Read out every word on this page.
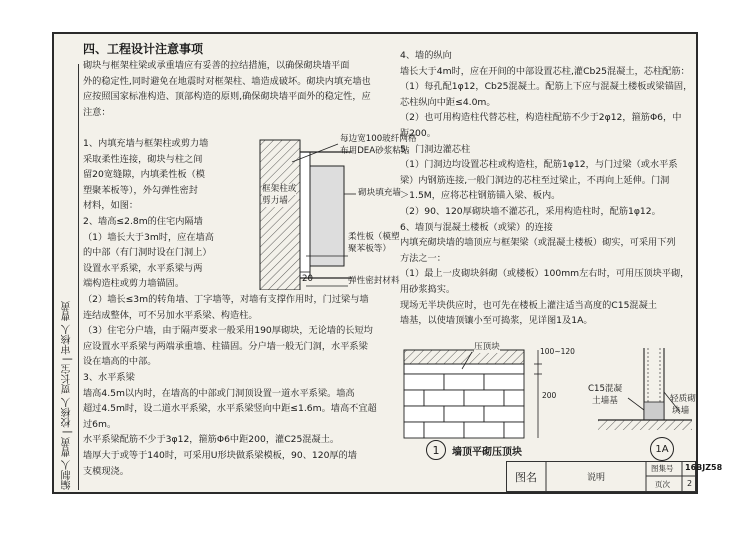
编制人 曹黄 | 校核人 贾长宝 | 审核人 曹黄
四、工程设计注意事项
砌块与框架柱梁或承重墙应有妥善的拉结措施，以确保砌块墙平面
外的稳定性,同时避免在地震时对框架柱、墙造成破坏。砌块内填充墙也
应按照国家标准构造、顶部构造的原则,确保砌块墙平面外的稳定性，应
注意：
1、内填充墙与框架柱或剪力墙
采取柔性连接，砌块与柱之间
留20宽缝隙，内填柔性板（模
塑聚苯板等），外勾弹性密封
材料，如图：
2、墙高≤2.8m的住宅内隔墙
（1）墙长大于3m时，应在墙高
的中部（有门洞时设在门洞上）
设置水平系梁，水平系梁与两
端构造柱或剪力墙锚固。
（2）墙长≤3m的转角墙、丁字墙等，对墙有支撑作用时，门过梁与墙
连结成整体，可不另加水平系梁、构造柱。
（3）住宅分户墙，由于隔声要求一般采用190厚砌块，无论墙的长短均
应设置水平系梁与两端承重墙、柱锚固。分户墙一般无门洞，水平系梁
设在墙高的中部。
3、水平系梁
墙高4.5m以内时，在墙高的中部或门洞顶设置一道水平系梁。墙高
超过4.5m时，设二道水平系梁，水平系梁竖向中距≤1.6m。墙高不宜超
过6m。
水平系梁配筋不少于3φ12，箍筋Φ6中距200，灌C25混凝土。
墙厚大于或等于140时，可采用U形块做系梁模板，90、120厚的墙
支模现浇。
每边宽100玻纤网格
布用DEA砂浆粘贴
砌块填充墙
框架柱或
剪力墙
柔性板（模塑
聚苯板等）
弹性密封材料
20
4、墙的纵向
墙长大于4m时，应在开间的中部设置芯柱,灌Cb25混凝土，芯柱配筋：
（1）每孔配1φ12，Cb25混凝土。配筋上下应与混凝土楼板或梁锚固，
芯柱纵向中距≤4.0m。
（2）也可用构造柱代替芯柱，构造柱配筋不少于2φ12，箍筋Φ6，中
距200。
5、门洞边灌芯柱
（1）门洞边均设置芯柱或构造柱，配筋1φ12，与门过梁（或水平系
梁）内钢筋连接,一般门洞边的芯柱至过梁止，不再向上延伸。门洞
＞1.5M，应将芯柱钢筋锚入梁、板内。
（2）90、120厚砌块墙不灌芯孔，采用构造柱时，配筋1φ12。
6、墙顶与混凝土楼板（或梁）的连接
内填充砌块墙的墙顶应与框架梁（或混凝土楼板）砌实，可采用下列
方法之一：
（1）最上一皮砌块斜砌（或楼板）100mm左右时，可用压顶块平砌，
用砂浆捣实。
现场无半块供应时，也可先在楼板上灌注适当高度的C15混凝土
墙基，以使墙顶镶小至可捣浆，见详图1及1A。
压顶块	100~120
200
1	墙顶平砌压顶块
C15混凝
土墙基	轻质砌
块墙
1A
图名	说明
图集号 16BJZ58
页次 2
